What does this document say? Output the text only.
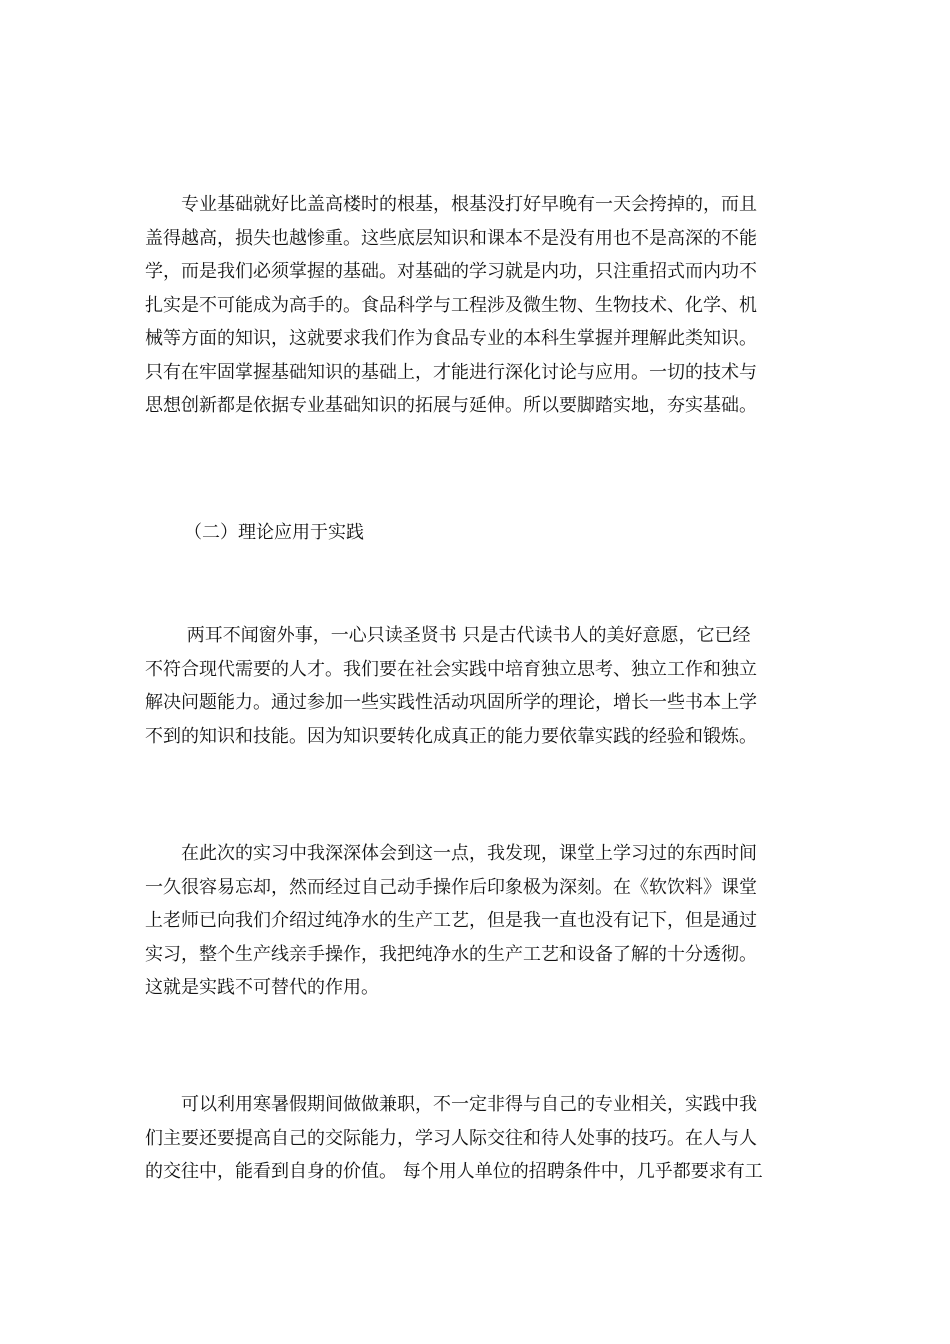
　　专业基础就好比盖高楼时的根基，根基没打好早晚有一天会挎掉的，而且
盖得越高，损失也越惨重。这些底层知识和课本不是没有用也不是高深的不能
学，而是我们必须掌握的基础。对基础的学习就是内功，只注重招式而内功不
扎实是不可能成为高手的。食品科学与工程涉及微生物、生物技术、化学、机
械等方面的知识，这就要求我们作为食品专业的本科生掌握并理解此类知识。
只有在牢固掌握基础知识的基础上，才能进行深化讨论与应用。一切的技术与
思想创新都是依据专业基础知识的拓展与延伸。所以要脚踏实地，夯实基础。
（二）理论应用于实践
　　 两耳不闻窗外事，一心只读圣贤书 只是古代读书人的美好意愿，它已经
不符合现代需要的人才。我们要在社会实践中培育独立思考、独立工作和独立
解决问题能力。通过参加一些实践性活动巩固所学的理论，增长一些书本上学
不到的知识和技能。因为知识要转化成真正的能力要依靠实践的经验和锻炼。
　　在此次的实习中我深深体会到这一点，我发现，课堂上学习过的东西时间
一久很容易忘却，然而经过自己动手操作后印象极为深刻。在《软饮料》课堂
上老师已向我们介绍过纯净水的生产工艺，但是我一直也没有记下，但是通过
实习，整个生产线亲手操作，我把纯净水的生产工艺和设备了解的十分透彻。
这就是实践不可替代的作用。
　　可以利用寒暑假期间做做兼职，不一定非得与自己的专业相关，实践中我
们主要还要提高自己的交际能力，学习人际交往和待人处事的技巧。在人与人
的交往中，能看到自身的价值。 每个用人单位的招聘条件中，几乎都要求有工
